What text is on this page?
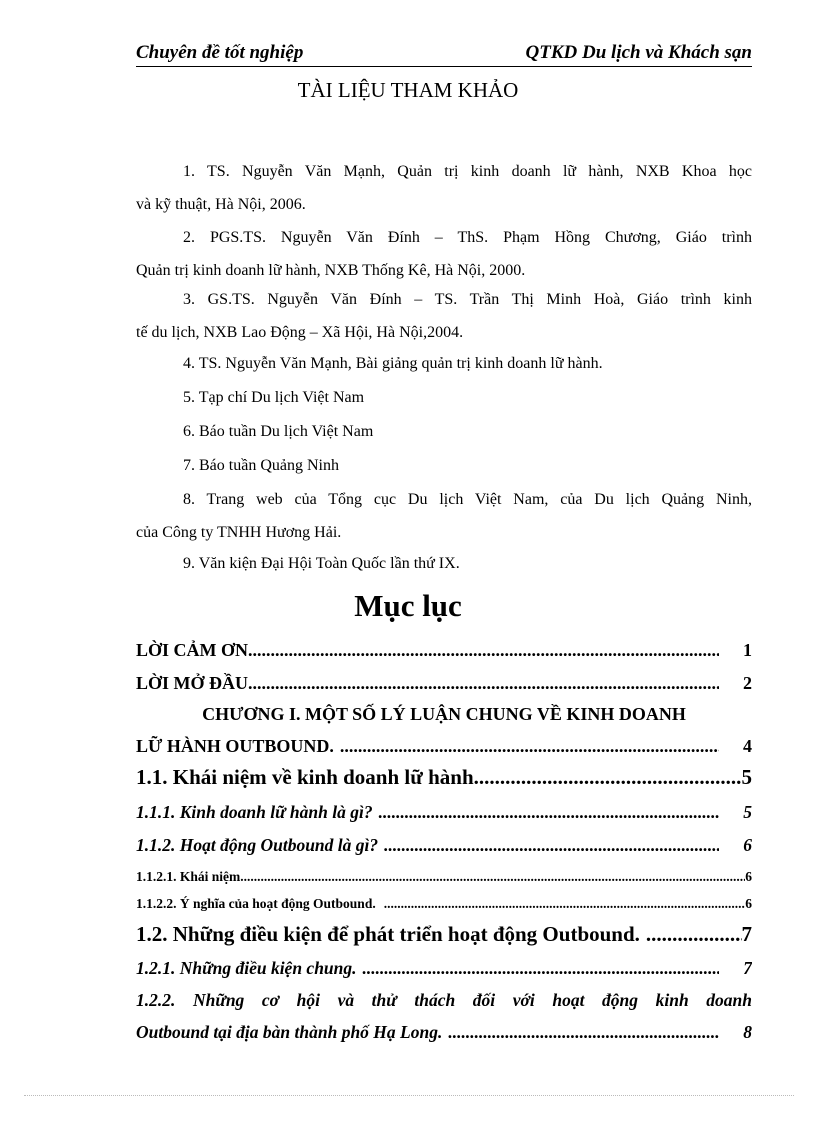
Chuyên đề tốt nghiệp	QTKD Du lịch và Khách sạn
TÀI LIỆU THAM KHẢO
1. TS. Nguyễn Văn Mạnh, Quản trị kinh doanh lữ hành, NXB Khoa học
và kỹ thuật, Hà Nội, 2006.
2. PGS.TS. Nguyễn Văn Đính – ThS. Phạm Hồng Chương, Giáo trình
Quản trị kinh doanh lữ hành, NXB Thống Kê, Hà Nội, 2000.
3. GS.TS. Nguyễn Văn Đính – TS. Trần Thị Minh Hoà, Giáo trình kinh
tế du lịch, NXB Lao Động – Xã Hội, Hà Nội,2004.
4. TS. Nguyễn Văn Mạnh, Bài giảng quản trị kinh doanh lữ hành.
5. Tạp chí Du lịch Việt Nam
6. Báo tuần Du lịch Việt Nam
7. Báo tuần Quảng Ninh
8. Trang web của Tổng cục Du lịch Việt Nam, của Du lịch Quảng Ninh,
của Công ty TNHH Hương Hải.
9. Văn kiện Đại Hội Toàn Quốc lần thứ IX.
Mục lục
LỜI CẢM ƠN .....	1
LỜI MỞ ĐẦU .....	2
CHƯƠNG I. MỘT SỐ LÝ LUẬN CHUNG VỀ KINH DOANH
LỮ HÀNH OUTBOUND. .....	4
1.1. Khái niệm về kinh doanh lữ hành. .....	5
1.1.1. Kinh doanh lữ hành là gì? .....	5
1.1.2. Hoạt động Outbound là gì? .....	6
1.1.2.1. Khái niệm. .....	6
1.1.2.2. Ý nghĩa của hoạt động Outbound. .....	6
1.2. Những điều kiện để phát triển hoạt động Outbound. .....	7
1.2.1. Những điều kiện chung. .....	7
1.2.2. Những cơ hội và thử thách đối với hoạt động kinh doanh
Outbound tại địa bàn thành phố Hạ Long. .....	8
